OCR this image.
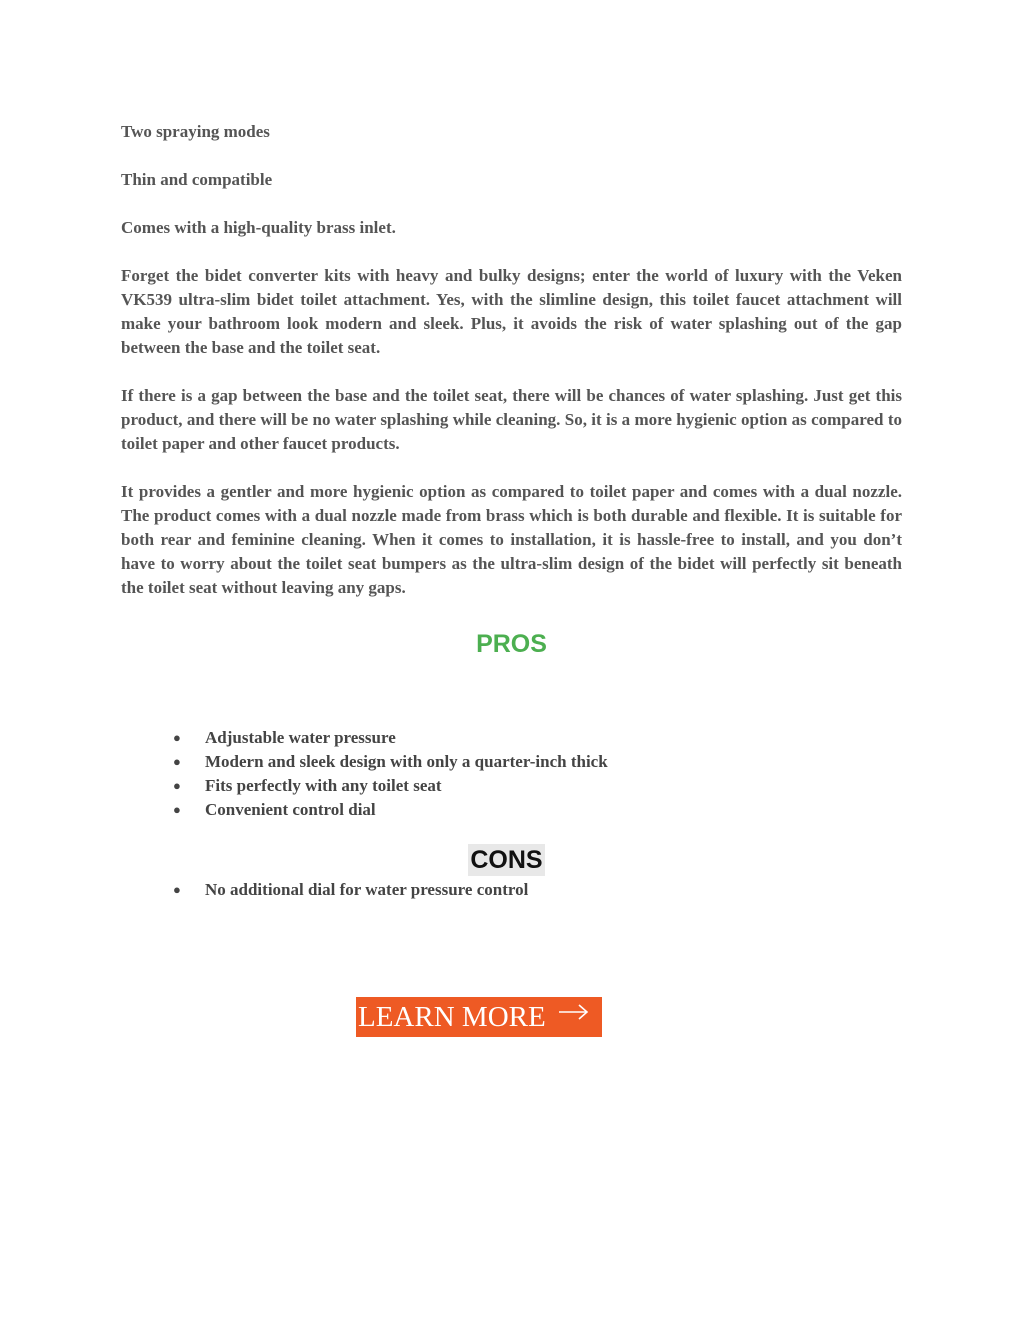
Two spraying modes

Thin and compatible

Comes with a high-quality brass inlet.

Forget the bidet converter kits with heavy and bulky designs; enter the world of luxury with the Veken VK539 ultra-slim bidet toilet attachment. Yes, with the slimline design, this toilet faucet attachment will make your bathroom look modern and sleek. Plus, it avoids the risk of water splashing out of the gap between the base and the toilet seat.

If there is a gap between the base and the toilet seat, there will be chances of water splashing. Just get this product, and there will be no water splashing while cleaning. So, it is a more hygienic option as compared to toilet paper and other faucet products.

It provides a gentler and more hygienic option as compared to toilet paper and comes with a dual nozzle. The product comes with a dual nozzle made from brass which is both durable and flexible. It is suitable for both rear and feminine cleaning. When it comes to installation, it is hassle-free to install, and you don’t have to worry about the toilet seat bumpers as the ultra-slim design of the bidet will perfectly sit beneath the toilet seat without leaving any gaps.

PROS
● Adjustable water pressure
● Modern and sleek design with only a quarter-inch thick
● Fits perfectly with any toilet seat
● Convenient control dial
CONS
● No additional dial for water pressure control
LEARN MORE
